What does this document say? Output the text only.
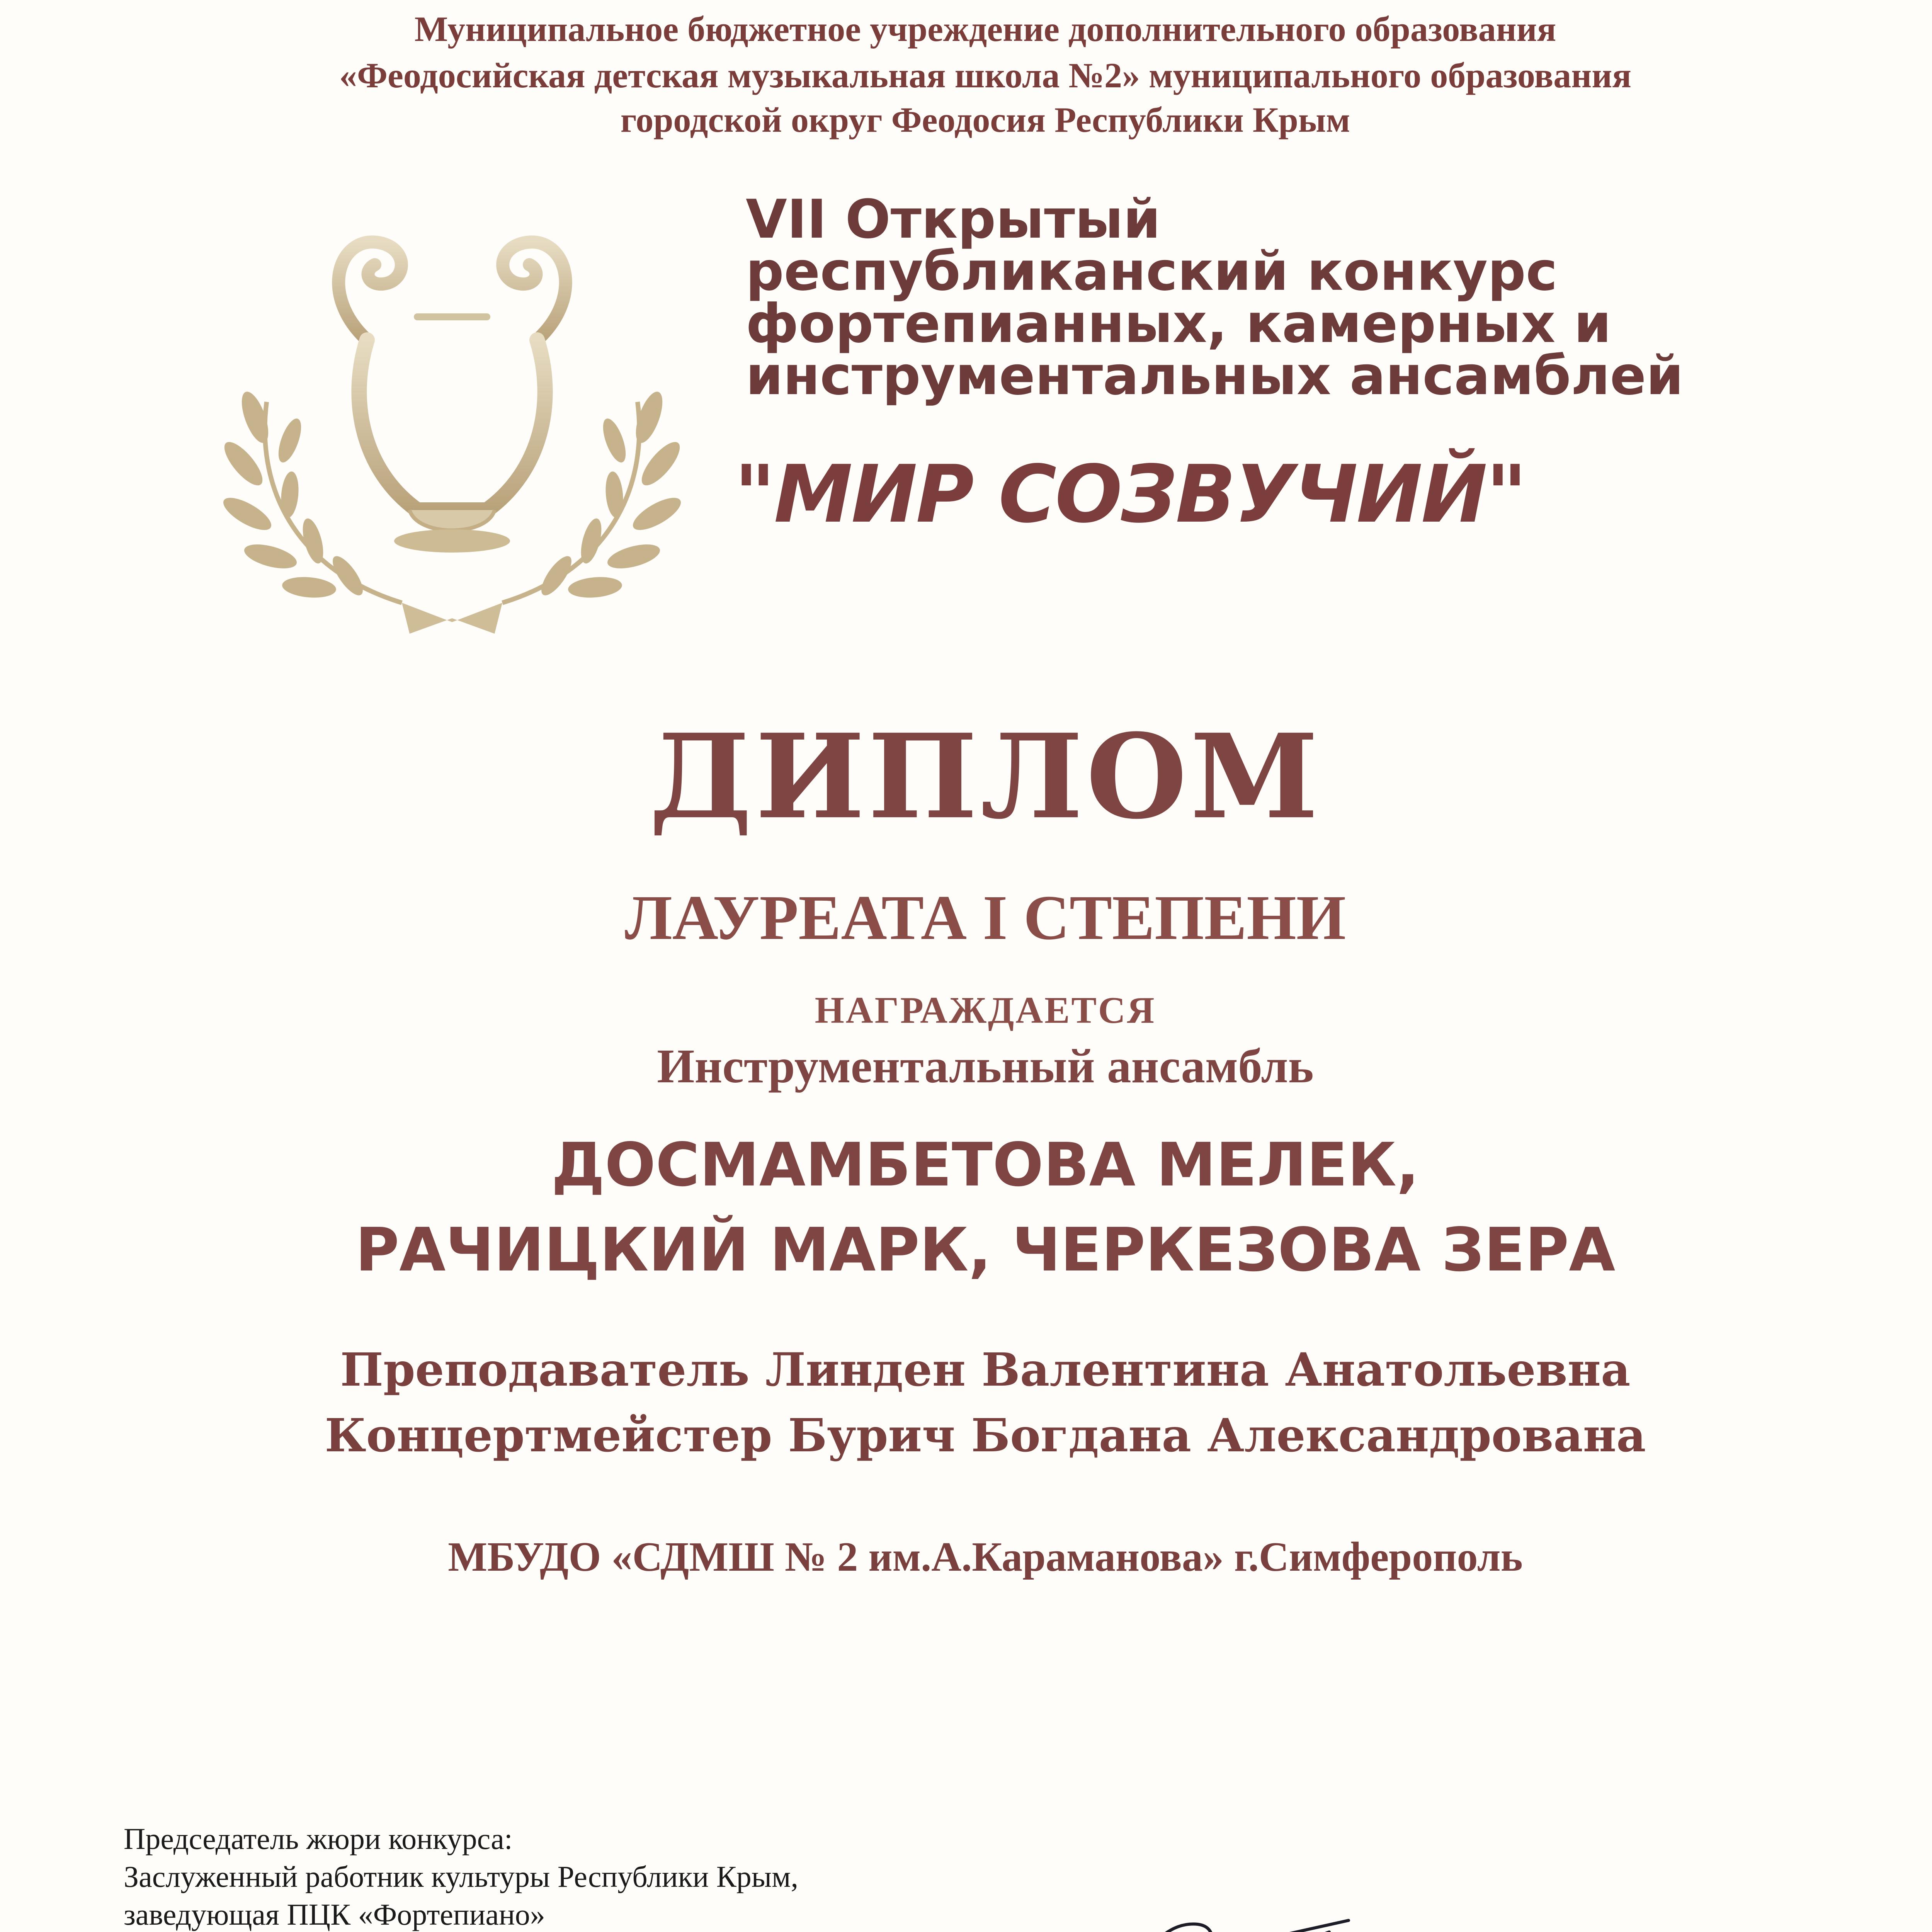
Муниципальное бюджетное учреждение дополнительного образования
«Феодосийская детская музыкальная школа №2» муниципального образования
городской округ Феодосия Республики Крым
VII Открытый
республиканский конкурс
фортепианных, камерных и
инструментальных ансамблей
"МИР СОЗВУЧИЙ"
ДИПЛОМ
ЛАУРЕАТА I СТЕПЕНИ
НАГРАЖДАЕТСЯ
Инструментальный ансамбль
ДОСМАМБЕТОВА МЕЛЕК,
РАЧИЦКИЙ МАРК, ЧЕРКЕЗОВА ЗЕРА
Преподаватель Линден Валентина Анатольевна
Концертмейстер Бурич Богдана Александрована
МБУДО «СДМШ № 2 им.А.Караманова» г.Симферополь
Председатель жюри конкурса:
Заслуженный работник культуры Республики Крым,
заведующая ПЦК «Фортепиано»
